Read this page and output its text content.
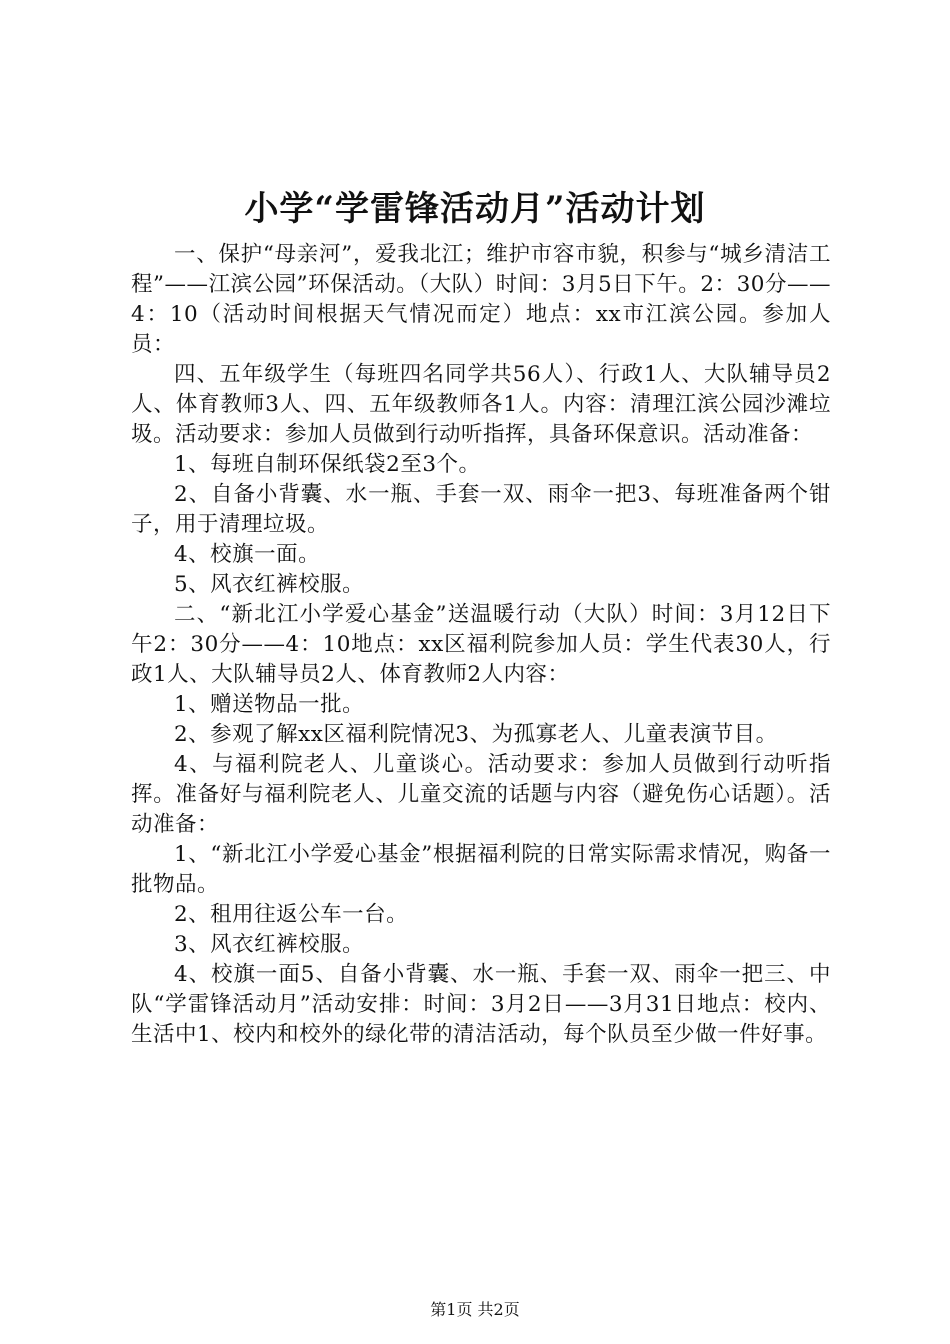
小学“学雷锋活动月”活动计划

一、保护“母亲河”，爱我北江；维护市容市貌，积参与“城乡清洁工程”——江滨公园”环保活动。（大队）时间：3月5日下午。2：30分——4：10（活动时间根据天气情况而定）地点：xx市江滨公园。参加人员：

四、五年级学生（每班四名同学共56人）、行政1人、大队辅导员2人、体育教师3人、四、五年级教师各1人。内容：清理江滨公园沙滩垃圾。活动要求：参加人员做到行动听指挥，具备环保意识。活动准备：

1、每班自制环保纸袋2至3个。

2、自备小背囊、水一瓶、手套一双、雨伞一把3、每班准备两个钳子，用于清理垃圾。

4、校旗一面。

5、风衣红裤校服。

二、“新北江小学爱心基金”送温暖行动（大队）时间：3月12日下午2：30分——4：10地点：xx区福利院参加人员：学生代表30人，行政1人、大队辅导员2人、体育教师2人内容：

1、赠送物品一批。

2、参观了解xx区福利院情况3、为孤寡老人、儿童表演节目。

4、与福利院老人、儿童谈心。活动要求：参加人员做到行动听指挥。准备好与福利院老人、儿童交流的话题与内容（避免伤心话题）。活动准备：

1、“新北江小学爱心基金”根据福利院的日常实际需求情况，购备一批物品。

2、租用往返公车一台。

3、风衣红裤校服。

4、校旗一面5、自备小背囊、水一瓶、手套一双、雨伞一把三、中队“学雷锋活动月”活动安排：时间：3月2日——3月31日地点：校内、生活中1、校内和校外的绿化带的清洁活动，每个队员至少做一件好事。

第1页 共2页
